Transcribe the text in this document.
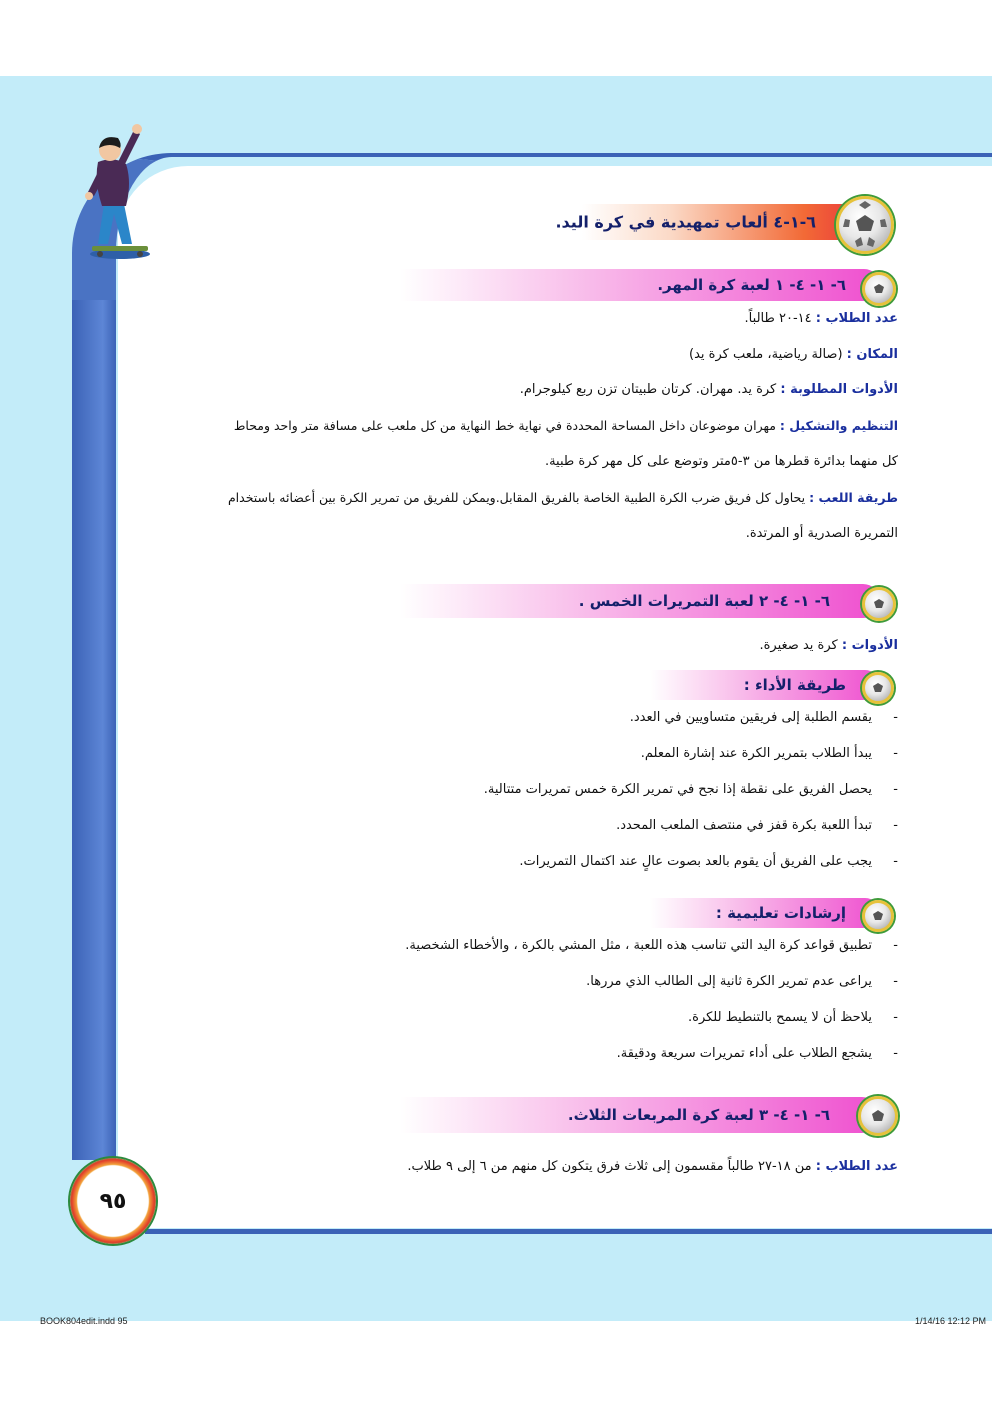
٦-١-٤ ألعاب تمهيدية في كرة اليد.
٦- ١- ٤- ١ لعبة كرة المهر.
عدد الطلاب : ١٤-٢٠ طالباً.
المكان : (صالة رياضية، ملعب كرة يد)
الأدوات المطلوبة : كرة يد. مهران. كرتان طبيتان تزن ربع كيلوجرام.
التنظيم والتشكيل : مهران موضوعان داخل المساحة المحددة في نهاية خط النهاية من كل ملعب على مسافة متر واحد ومحاط
كل منهما بدائرة قطرها من ٣-٥متر وتوضع على كل مهر كرة طبية.
طريقة اللعب : يحاول كل فريق ضرب الكرة الطبية الخاصة بالفريق المقابل.ويمكن للفريق من تمرير الكرة بين أعضائه باستخدام
التمريرة الصدرية أو المرتدة.
٦- ١- ٤- ٢ لعبة التمريرات الخمس .
الأدوات : كرة يد صغيرة.
طريقة الأداء :
-
يقسم الطلبة إلى فريقين متساويين في العدد.
-
يبدأ الطلاب بتمرير الكرة عند إشارة المعلم.
-
يحصل الفريق على نقطة إذا نجح في تمرير الكرة خمس تمريرات متتالية.
-
تبدأ اللعبة بكرة قفز في منتصف الملعب المحدد.
-
يجب على الفريق أن يقوم بالعد بصوت عالٍ عند اكتمال التمريرات.
إرشادات تعليمية :
-
تطبيق قواعد كرة اليد التي تناسب هذه اللعبة ، مثل المشي بالكرة ، والأخطاء الشخصية.
-
يراعى عدم تمرير الكرة ثانية إلى الطالب الذي مررها.
-
يلاحظ أن لا يسمح بالتنطيط للكرة.
-
يشجع الطلاب على أداء تمريرات سريعة ودقيقة.
٦- ١- ٤- ٣ لعبة كرة المربعات الثلاث.
عدد الطلاب : من ١٨-٢٧ طالباً مقسمون إلى ثلاث فرق يتكون كل منهم من ٦ إلى ٩ طلاب.
٩٥
BOOK804edit.indd 95	1/14/16 12:12 PM
